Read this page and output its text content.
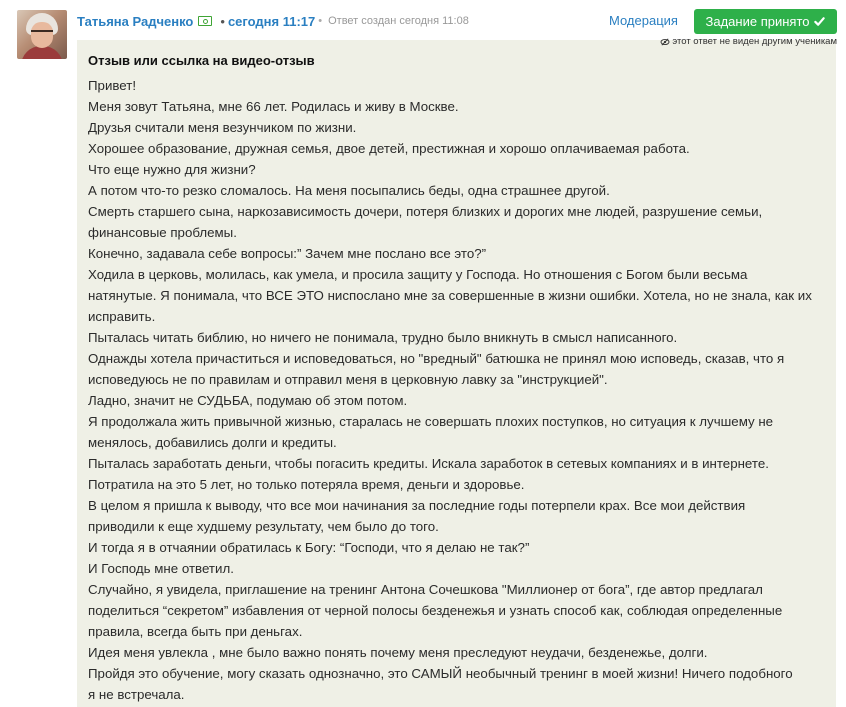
Татьяна Радченко • сегодня 11:17 • Ответ создан сегодня 11:08	Модерация Задание принято
Отзыв или ссылка на видео-отзыв
Привет!
Меня зовут Татьяна, мне 66 лет. Родилась и живу в Москве.
Друзья считали меня везунчиком по жизни.
Хорошее образование, дружная семья, двое детей, престижная и хорошо оплачиваемая работа.
Что еще нужно для жизни?
А потом что-то резко сломалось. На меня посыпались беды, одна страшнее другой.
Смерть старшего сына, наркозависимость дочери, потеря близких и дорогих мне людей, разрушение семьи,
финансовые проблемы.
Конечно, задавала себе вопросы:” Зачем мне послано все это?”
Ходила в церковь, молилась, как умела, и просила защиту у Господа. Но отношения с Богом были весьма
натянутые. Я понимала, что ВСЕ ЭТО ниспослано мне за совершенные в жизни ошибки. Хотела, но не знала, как их
исправить.
Пыталась читать библию, но ничего не понимала, трудно было вникнуть в смысл написанного.
Однажды хотела причаститься и исповедоваться, но "вредный" батюшка не принял мою исповедь, сказав, что я
исповедуюсь не по правилам и отправил меня в церковную лавку за "инструкцией".
Ладно, значит не СУДЬБА, подумаю об этом потом.
Я продолжала жить привычной жизнью, старалась не совершать плохих поступков, но ситуация к лучшему не
менялось, добавились долги и кредиты.
Пыталась заработать деньги, чтобы погасить кредиты. Искала заработок в сетевых компаниях и в интернете.
Потратила на это 5 лет, но только потеряла время, деньги и здоровье.
В целом я пришла к выводу, что все мои начинания за последние годы потерпели крах. Все мои действия
приводили к еще худшему результату, чем было до того.
И тогда я в отчаянии обратилась к Богу: “Господи, что я делаю не так?”
И Господь мне ответил.
Случайно, я увидела, приглашение на тренинг Антона Сочешкова "Миллионер от бога”, где автор предлагал
поделиться “секретом” избавления от черной полосы безденежья и узнать способ как, соблюдая определенные
правила, всегда быть при деньгах.
Идея меня увлекла , мне было важно понять почему меня преследуют неудачи, безденежье, долги.
Пройдя это обучение, могу сказать однозначно, это САМЫЙ необычный тренинг в моей жизни! Ничего подобного
я не встречала.
этот ответ не виден другим ученикам
